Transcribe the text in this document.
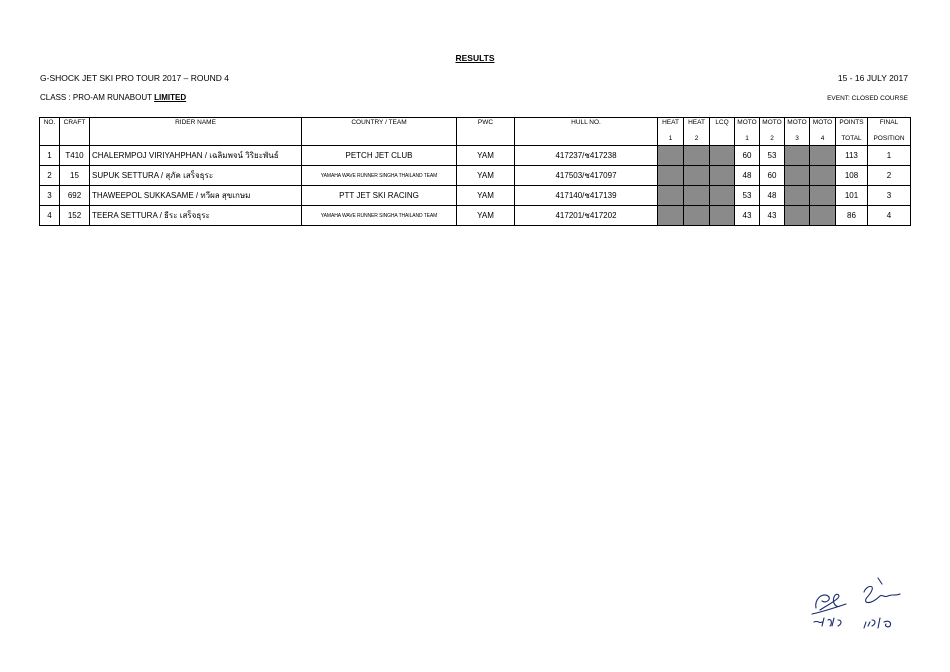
RESULTS
G-SHOCK JET SKI PRO TOUR 2017 – ROUND 4	15 - 16 JULY 2017
CLASS : PRO-AM RUNABOUT LIMITED	EVENT: CLOSED COURSE
NO.	CRAFT	RIDER NAME	COUNTRY / TEAM	PWC	HULL NO.	HEAT	HEAT	LCQ	MOTO	MOTO	MOTO	MOTO	POINTS	FINAL
						1	2		1	2	3	4	TOTAL	POSITION
1	T410	CHALERMPOJ VIRIYAHPHAN / เฉลิมพจน์ วิริยะพันธ์	PETCH JET CLUB	YAM	417237/ช417238				60	53			113	1
2	15	SUPUK SETTURA / สุภัค เสร็จธุระ	YAMAHA WAVE RUNNER SINGHA THAILAND TEAM	YAM	417503/ช417097				48	60			108	2
3	692	THAWEEPOL SUKKASAME / ทวีผล สุขเกษม	PTT JET SKI RACING	YAM	417140/ช417139				53	48			101	3
4	152	TEERA SETTURA / ธีระ เสร็จธุระ	YAMAHA WAVE RUNNER SINGHA THAILAND TEAM	YAM	417201/ช417202				43	43			86	4
